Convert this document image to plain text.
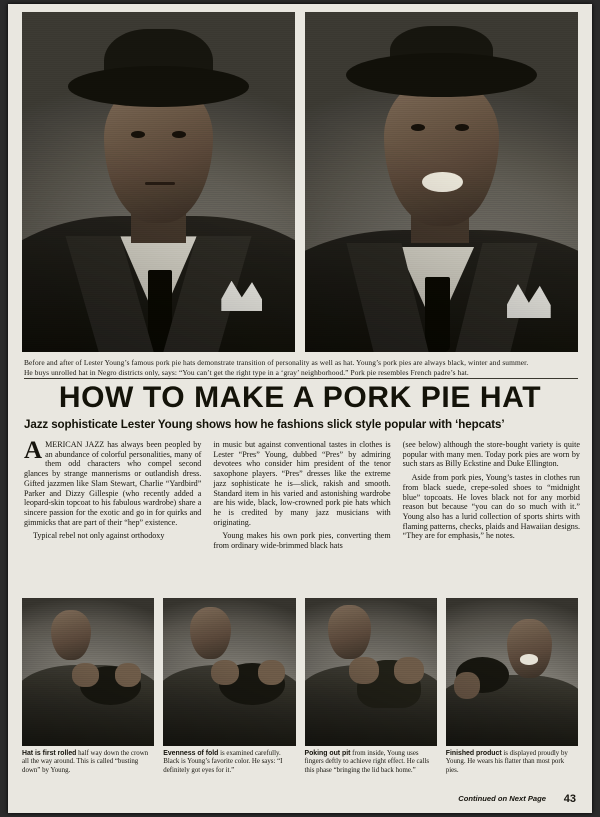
Before and after of Lester Young’s famous pork pie hats demonstrate transition of personality as well as hat. Young’s pork pies are always black, winter and summer.
He buys unrolled hat in Negro districts only, says: “You can’t get the right type in a ‘gray’ neighborhood.” Pork pie resembles French padre’s hat.
HOW TO MAKE A PORK PIE HAT
Jazz sophisticate Lester Young shows how he fashions slick style popular with ‘hepcats’

AMERICAN JAZZ has always been peopled by an abundance of colorful personalities, many of them odd characters who compel second glances by strange mannerisms or outlandish dress. Gifted jazzmen like Slam Stewart, Charlie “Yardbird” Parker and Dizzy Gillespie (who recently added a leopard-skin topcoat to his fabulous wardrobe) share a sincere passion for the exotic and go in for quirks and gimmicks that are part of their “hep” existence.

Typical rebel not only against orthodoxy

in music but against conventional tastes in clothes is Lester “Pres” Young, dubbed “Pres” by admiring devotees who consider him president of the tenor saxophone players. “Pres” dresses like the extreme jazz sophisticate he is—slick, rakish and smooth. Standard item in his varied and astonishing wardrobe are his wide, black, low-crowned pork pie hats which he is credited by many jazz musicians with originating.

Young makes his own pork pies, converting them from ordinary wide-brimmed black hats

(see below) although the store-bought variety is quite popular with many men. Today pork pies are worn by such stars as Billy Eckstine and Duke Ellington.

Aside from pork pies, Young’s tastes in clothes run from black suede, crepe-soled shoes to “midnight blue” topcoats. He loves black not for any morbid reason but because “you can do so much with it.” Young also has a lurid collection of sports shirts with flaming patterns, checks, plaids and Hawaiian designs. “They are for emphasis,” he notes.

Hat is first rolled half way down the crown all the way around. This is called “busting down” by Young.
Evenness of fold is examined carefully. Black is Young’s favorite color. He says: “I definitely got eyes for it.”
Poking out pit from inside, Young uses fingers deftly to achieve right effect. He calls this phase “bringing the lid back home.”
Finished product is displayed proudly by Young. He wears his flatter than most pork pies.
Continued on Next Page 43
